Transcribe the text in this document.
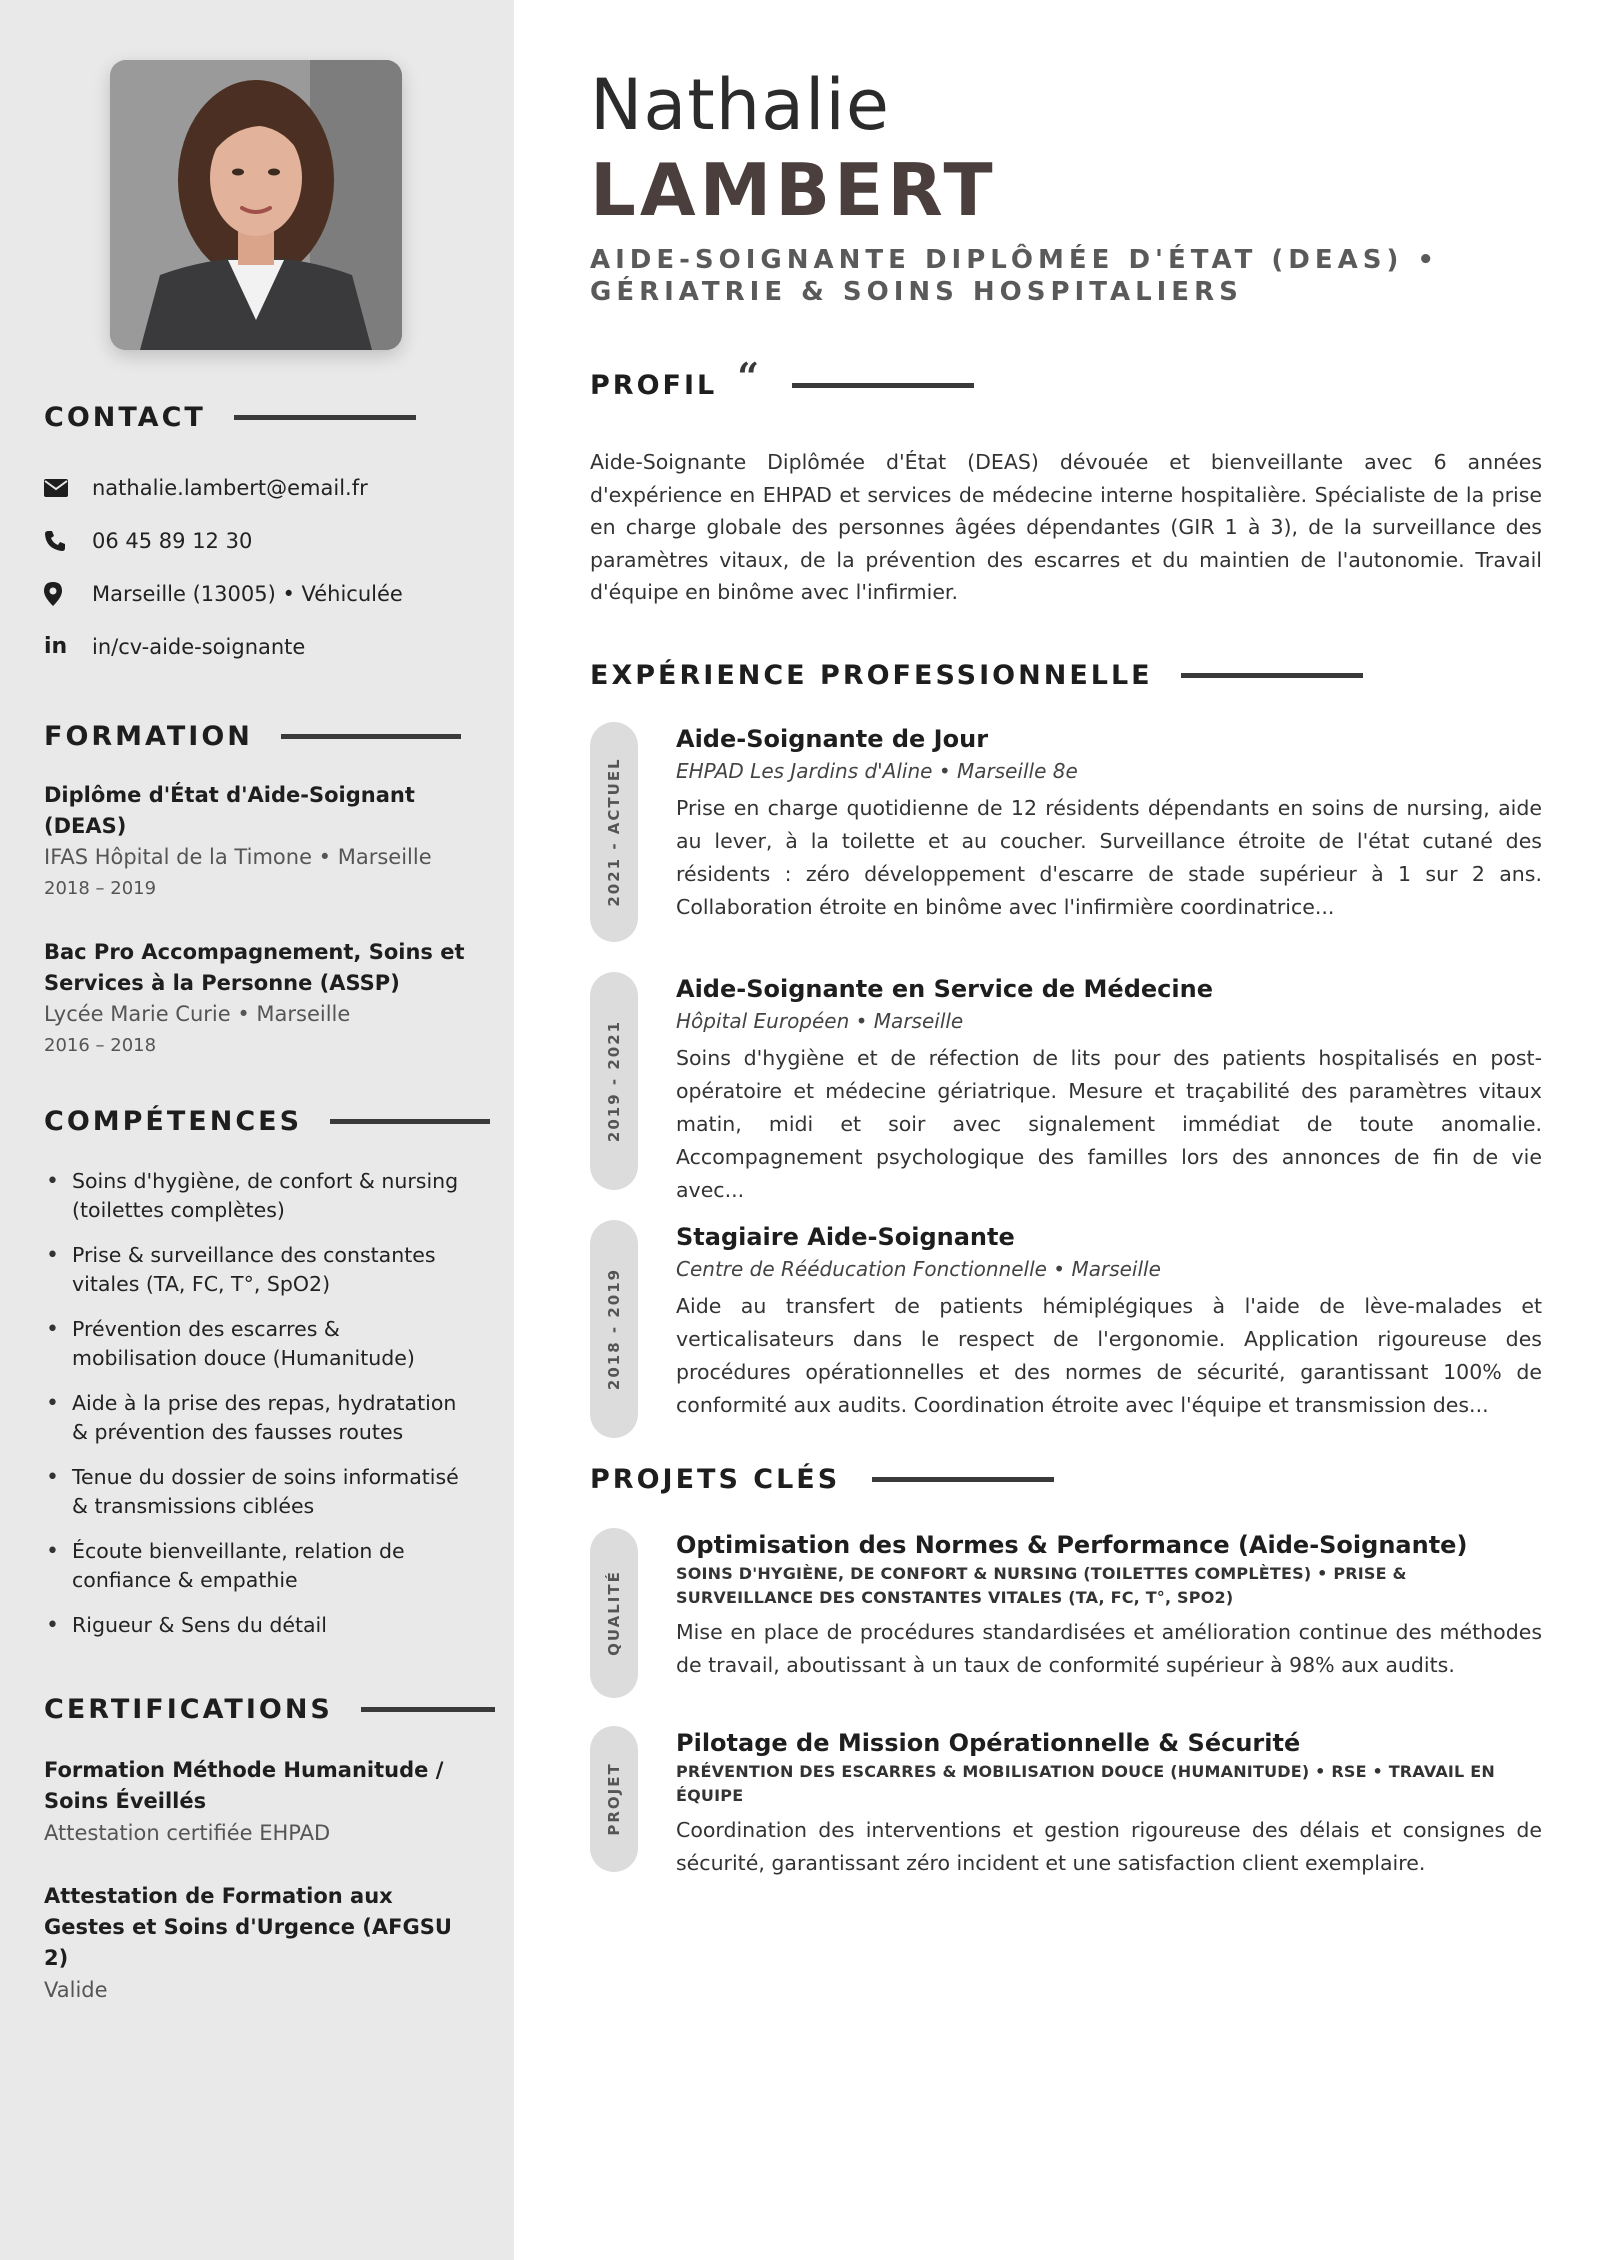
CONTACT
nathalie.lambert@email.fr
06 45 89 12 30
Marseille (13005) • Véhiculée
in in/cv-aide-soignante
FORMATION
Diplôme d'État d'Aide-Soignant (DEAS)
IFAS Hôpital de la Timone • Marseille
2018 – 2019
Bac Pro Accompagnement, Soins et Services à la Personne (ASSP)
Lycée Marie Curie • Marseille
2016 – 2018
COMPÉTENCES
• Soins d'hygiène, de confort & nursing (toilettes complètes)
• Prise & surveillance des constantes vitales (TA, FC, T°, SpO2)
• Prévention des escarres & mobilisation douce (Humanitude)
• Aide à la prise des repas, hydratation & prévention des fausses routes
• Tenue du dossier de soins informatisé & transmissions ciblées
• Écoute bienveillante, relation de confiance & empathie
• Rigueur & Sens du détail
CERTIFICATIONS
Formation Méthode Humanitude / Soins Éveillés
Attestation certifiée EHPAD
Attestation de Formation aux Gestes et Soins d'Urgence (AFGSU 2)
Valide
Nathalie
LAMBERT
AIDE-SOIGNANTE DIPLÔMÉE D'ÉTAT (DEAS) • GÉRIATRIE & SOINS HOSPITALIERS
PROFIL “

Aide-Soignante Diplômée d'État (DEAS) dévouée et bienveillante avec 6 années d'expérience en EHPAD et services de médecine interne hospitalière. Spécialiste de la prise en charge globale des personnes âgées dépendantes (GIR 1 à 3), de la surveillance des paramètres vitaux, de la prévention des escarres et du maintien de l'autonomie. Travail d'équipe en binôme avec l'infirmier.

EXPÉRIENCE PROFESSIONNELLE
2021 - ACTUEL
Aide-Soignante de Jour
EHPAD Les Jardins d'Aline • Marseille 8e
Prise en charge quotidienne de 12 résidents dépendants en soins de nursing, aide au lever, à la toilette et au coucher. Surveillance étroite de l'état cutané des résidents : zéro développement d'escarre de stade supérieur à 1 sur 2 ans. Collaboration étroite en binôme avec l'infirmière coordinatrice...
2019 - 2021
Aide-Soignante en Service de Médecine
Hôpital Européen • Marseille
Soins d'hygiène et de réfection de lits pour des patients hospitalisés en post-opératoire et médecine gériatrique. Mesure et traçabilité des paramètres vitaux matin, midi et soir avec signalement immédiat de toute anomalie. Accompagnement psychologique des familles lors des annonces de fin de vie avec...
2018 - 2019
Stagiaire Aide-Soignante
Centre de Rééducation Fonctionnelle • Marseille
Aide au transfert de patients hémiplégiques à l'aide de lève-malades et verticalisateurs dans le respect de l'ergonomie. Application rigoureuse des procédures opérationnelles et des normes de sécurité, garantissant 100% de conformité aux audits. Coordination étroite avec l'équipe et transmission des...
PROJETS CLÉS
QUALITÉ
Optimisation des Normes & Performance (Aide-Soignante)
SOINS D'HYGIÈNE, DE CONFORT & NURSING (TOILETTES COMPLÈTES) • PRISE & SURVEILLANCE DES CONSTANTES VITALES (TA, FC, T°, SPO2)
Mise en place de procédures standardisées et amélioration continue des méthodes de travail, aboutissant à un taux de conformité supérieur à 98% aux audits.
PROJET
Pilotage de Mission Opérationnelle & Sécurité
PRÉVENTION DES ESCARRES & MOBILISATION DOUCE (HUMANITUDE) • RSE • TRAVAIL EN ÉQUIPE
Coordination des interventions et gestion rigoureuse des délais et consignes de sécurité, garantissant zéro incident et une satisfaction client exemplaire.
